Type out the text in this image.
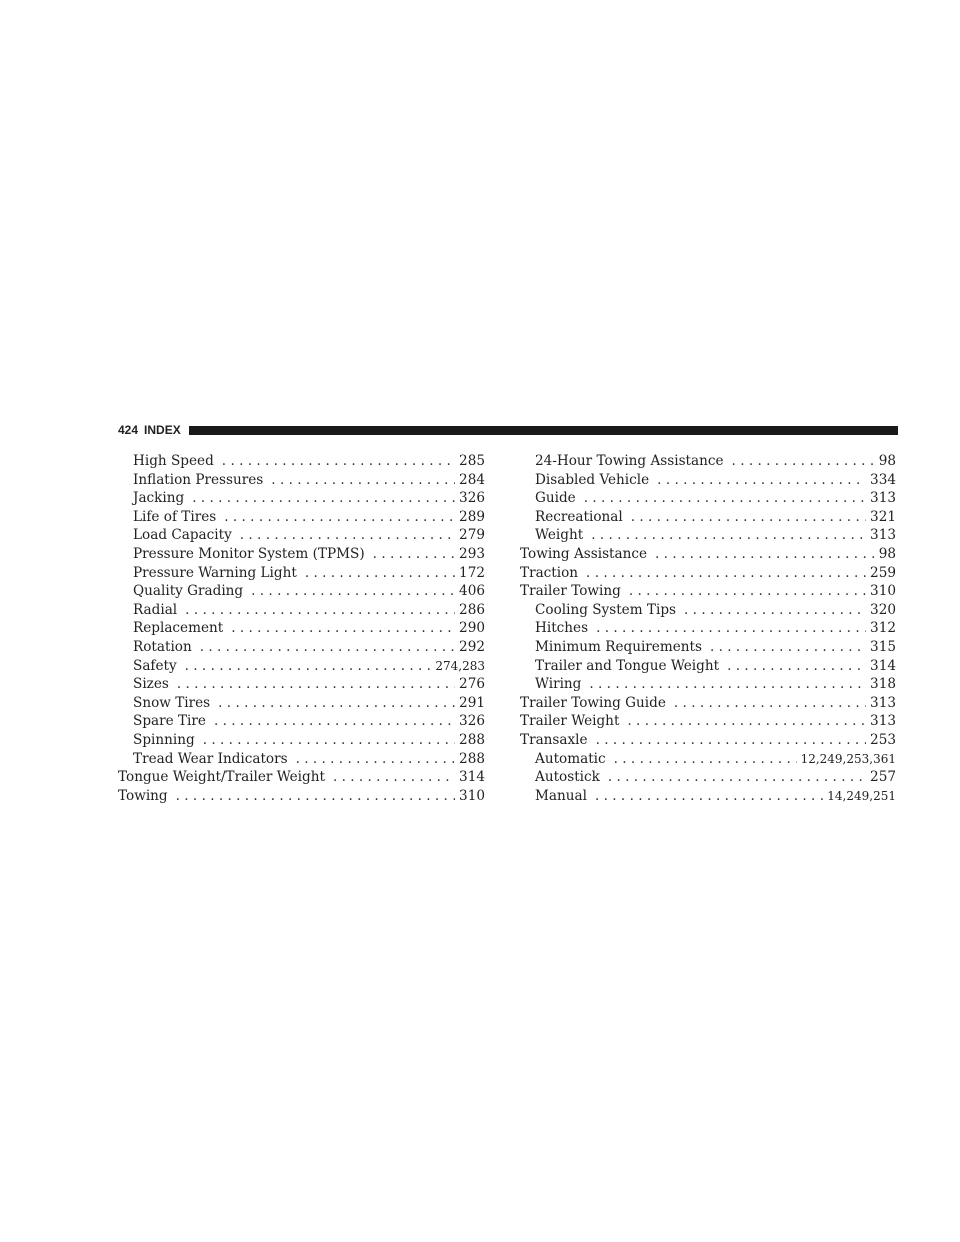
424 INDEX
High Speed . . .	285
Inflation Pressures . . .	284
Jacking . . .	326
Life of Tires . . .	289
Load Capacity . . .	279
Pressure Monitor System (TPMS) . . .	293
Pressure Warning Light . . .	172
Quality Grading . . .	406
Radial . . .	286
Replacement . . .	290
Rotation . . .	292
Safety . . .	274,283
Sizes . . .	276
Snow Tires . . .	291
Spare Tire . . .	326
Spinning . . .	288
Tread Wear Indicators . . .	288
Tongue Weight/Trailer Weight . . .	314
Towing . . .	310
24-Hour Towing Assistance . . .	98
Disabled Vehicle . . .	334
Guide . . .	313
Recreational . . .	321
Weight . . .	313
Towing Assistance . . .	98
Traction . . .	259
Trailer Towing . . .	310
Cooling System Tips . . .	320
Hitches . . .	312
Minimum Requirements . . .	315
Trailer and Tongue Weight . . .	314
Wiring . . .	318
Trailer Towing Guide . . .	313
Trailer Weight . . .	313
Transaxle . . .	253
Automatic . . .	12,249,253,361
Autostick . . .	257
Manual . . .	14,249,251
